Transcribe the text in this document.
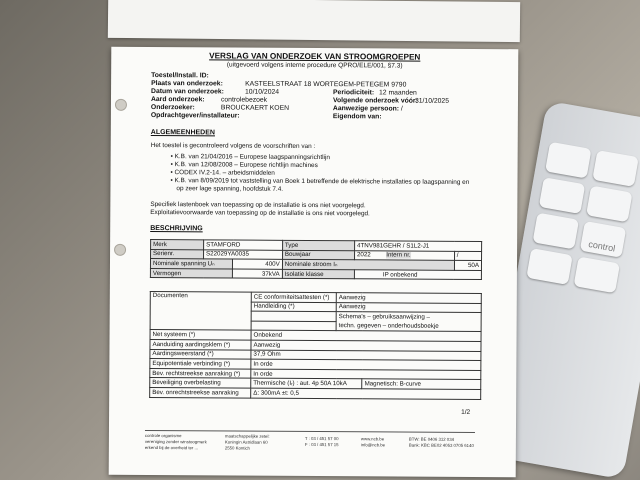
control
VERSLAG VAN ONDERZOEK VAN STROOMGROEPEN
(uitgevoerd volgens interne procedure QPRO/ELE/001, §7.3)
Toestel/Install. ID:
Plaats van onderzoek:	KASTEELSTRAAT 18 WORTEGEM-PETEGEM 9790
Datum van onderzoek:	10/10/2024	Periodiciteit: 12 maanden
Aard onderzoek: controlebezoek	Volgende onderzoek vóór:
31/10/2025
Onderzoeker:	BROUCKAERT KOEN	Aanwezige persoon: /
Opdrachtgever/installateur:	Eigendom van:
ALGEMEENHEDEN
Het toestel is gecontroleerd volgens de voorschriften van :
• K.B. van 21/04/2016 – Europese laagspanningsrichtlijn
• K.B. van 12/08/2008 – Europese richtlijn machines
• CODEX IV.2-14. – arbeidsmiddelen
• K.B. van 8/09/2019 tot vaststelling van Boek 1 betreffende de elektrische installaties op laagspanning en
op zeer lage spanning, hoofdstuk 7.4.
Specifiek lastenboek van toepassing op de installatie is ons niet voorgelegd.
Exploitatievoorwaarde van toepassing op de installatie is ons niet voorgelegd.
BESCHRIJVING
Merk	STAMFORD		Type	4TNV981GEHR / S1L2-J1	
Serienr.	S22029YA0035		Bouwjaar	2022 Intern nr.	/
Nominale spanning Uₙ		400V	Nominale stroom Iₙ		50A
Vermogen		37kVA	Isolatie klasse	IP onbekend	
Documenten	CE conformiteitsattesten (*)	Aanwezig	
	Handleiding (*)	Aanwezig	
		Schema's – gebruiksaanwijzing –	
		techn. gegeven – onderhoudsboekje	
Net systeem (*)	Onbekend		
Aanduiding aardingsklem (*)	Aanwezig		
Aardingsweerstand (*)	37,9 Ohm		
Equipotentiale verbinding (*)	In orde		
Bev. rechtstreekse aanraking (*)	In orde		
Beveiliging overbelasting	Thermische (Iᵣ) : aut. 4p 50A 10kA		Magnetisch: B-curve
Bev. onrechtstreekse aanraking	Δ: 300mA ±t: 0,5		
1/2
controle organisme
vereniging zonder winstoogmerk
erkend bij de overheid ter ...
maatschappelijke zetel:
Koningin Astridlaan 60
2550 Kontich
T : 03 / 451 57 00
F : 03 / 451 57 15
www.ncb.be
info@ncb.be
BTW: BE 0406 312 034
Bank: KBC BE02 4053 0705 6140
